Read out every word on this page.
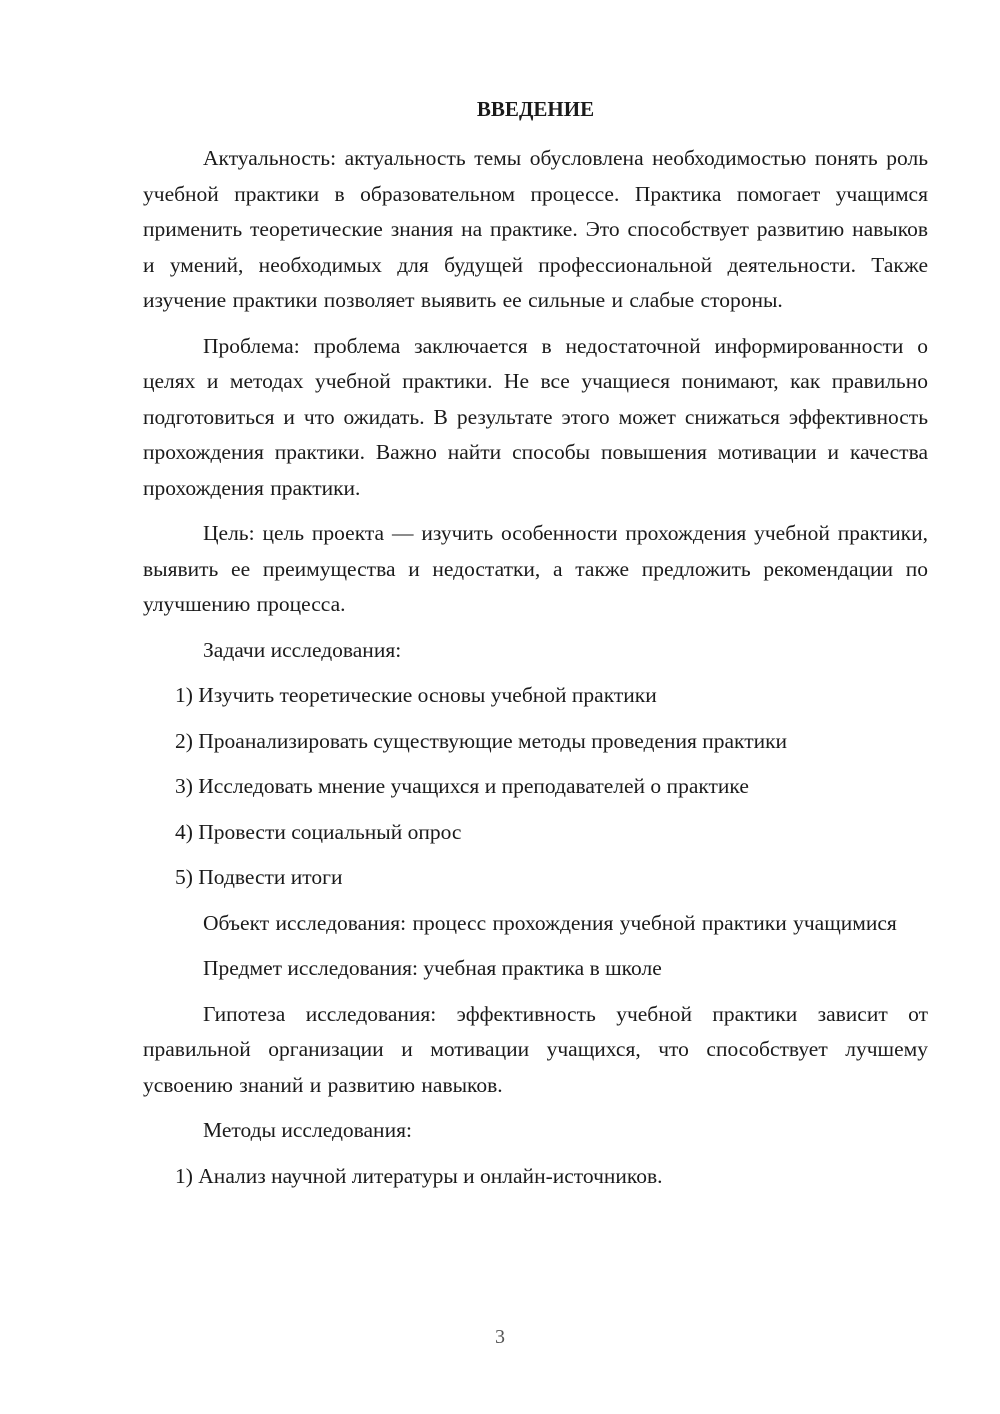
ВВЕДЕНИЕ

Актуальность: актуальность темы обусловлена необходимостью понять роль учебной практики в образовательном процессе. Практика помогает учащимся применить теоретические знания на практике. Это способствует развитию навыков и умений, необходимых для будущей профессиональной деятельности. Также изучение практики позволяет выявить ее сильные и слабые стороны.

Проблема: проблема заключается в недостаточной информированности о целях и методах учебной практики. Не все учащиеся понимают, как правильно подготовиться и что ожидать. В результате этого может снижаться эффективность прохождения практики. Важно найти способы повышения мотивации и качества прохождения практики.

Цель: цель проекта — изучить особенности прохождения учебной практики, выявить ее преимущества и недостатки, а также предложить рекомендации по улучшению процесса.

Задачи исследования:

1) Изучить теоретические основы учебной практики
2) Проанализировать существующие методы проведения практики
3) Исследовать мнение учащихся и преподавателей о практике
4) Провести социальный опрос
5) Подвести итоги

Объект исследования: процесс прохождения учебной практики учащимися

Предмет исследования: учебная практика в школе

Гипотеза исследования: эффективность учебной практики зависит от правильной организации и мотивации учащихся, что способствует лучшему усвоению знаний и развитию навыков.

Методы исследования:

1) Анализ научной литературы и онлайн-источников.
3
